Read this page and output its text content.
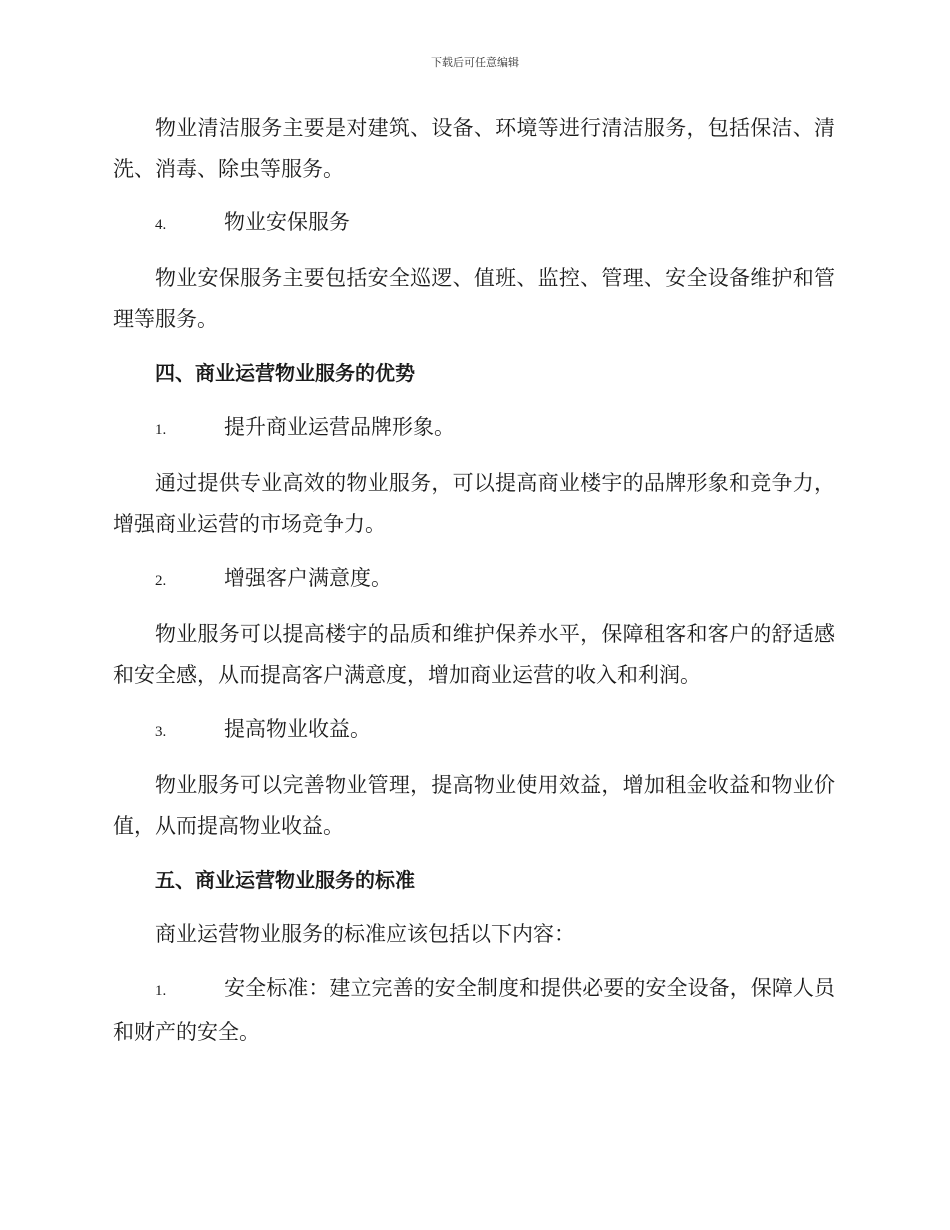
下载后可任意编辑

物业清洁服务主要是对建筑、设备、环境等进行清洁服务，包括保洁、清洗、消毒、除虫等服务。

4.	物业安保服务

物业安保服务主要包括安全巡逻、值班、监控、管理、安全设备维护和管理等服务。

四、商业运营物业服务的优势

1.	提升商业运营品牌形象。

通过提供专业高效的物业服务，可以提高商业楼宇的品牌形象和竞争力，增强商业运营的市场竞争力。

2.	增强客户满意度。

物业服务可以提高楼宇的品质和维护保养水平，保障租客和客户的舒适感和安全感，从而提高客户满意度，增加商业运营的收入和利润。

3.	提高物业收益。

物业服务可以完善物业管理，提高物业使用效益，增加租金收益和物业价值，从而提高物业收益。

五、商业运营物业服务的标准

商业运营物业服务的标准应该包括以下内容：

1.	安全标准：建立完善的安全制度和提供必要的安全设备，保障人员和财产的安全。
